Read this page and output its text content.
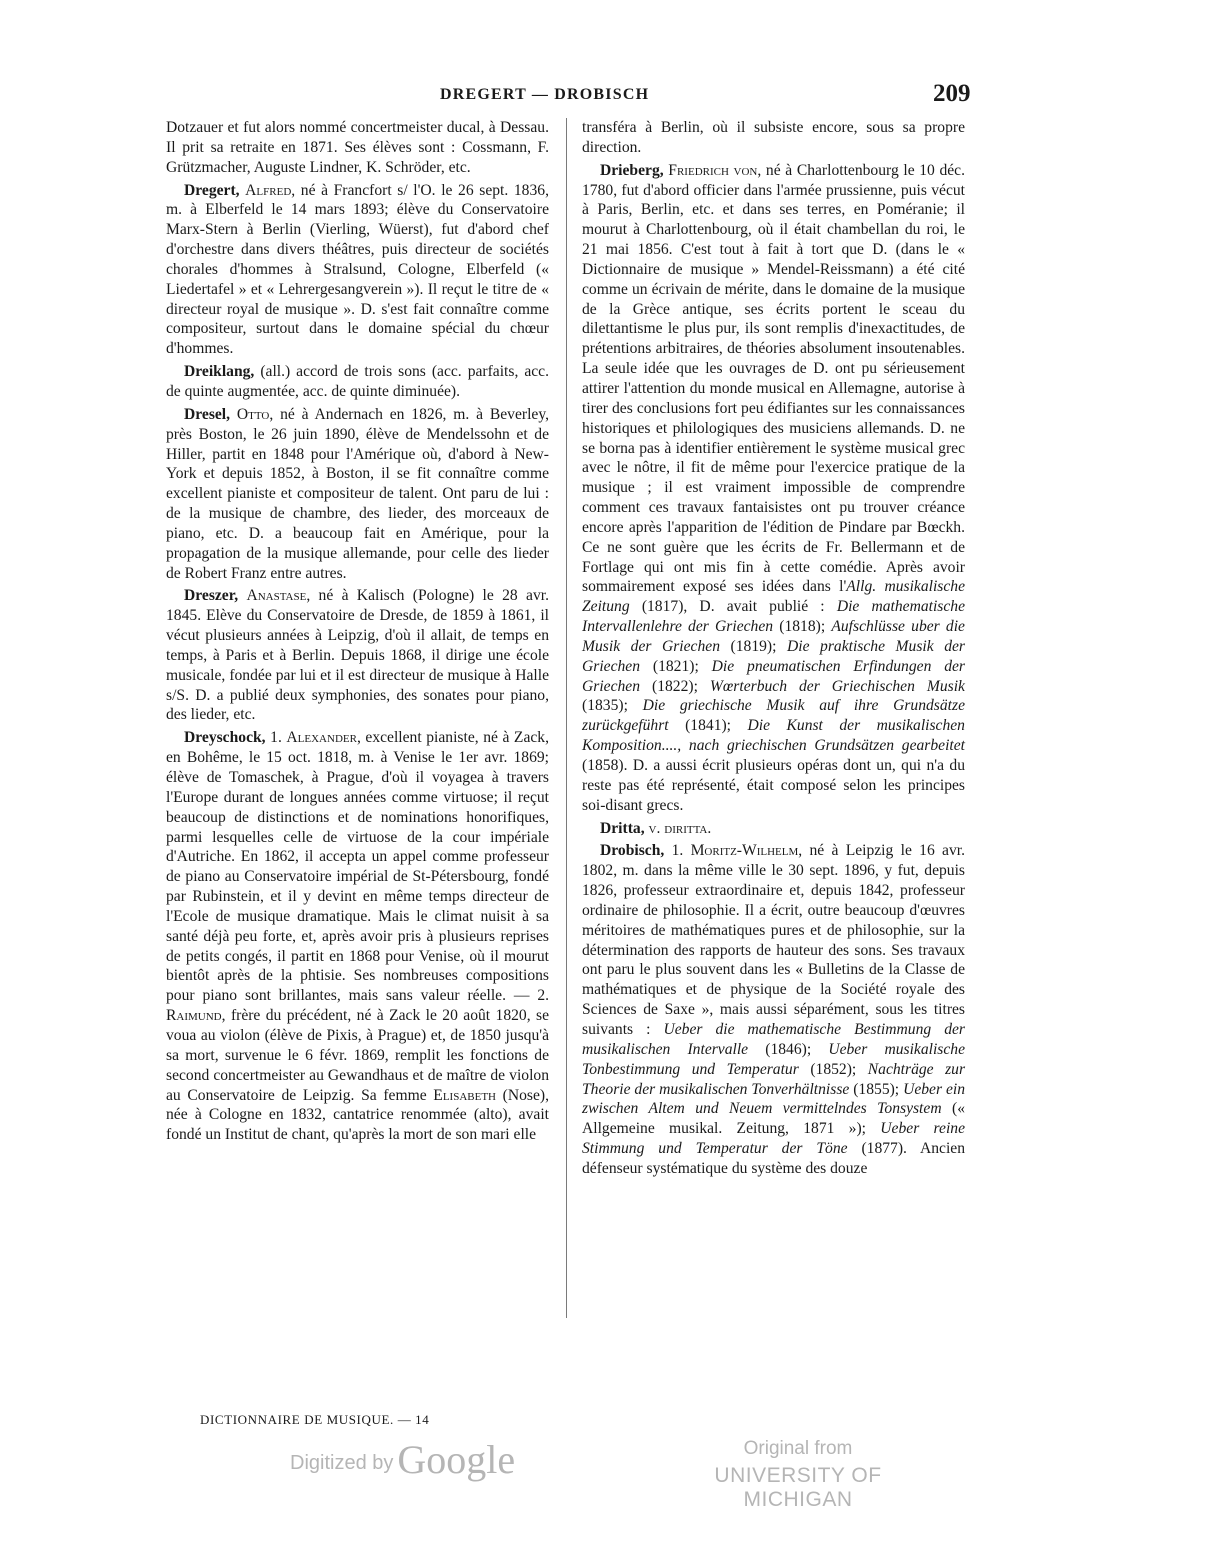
DREGERT — DROBISCH	209

Dotzauer et fut alors nommé concertmeister ducal, à Dessau. Il prit sa retraite en 1871. Ses élèves sont : Cossmann, F. Grützmacher, Auguste Lindner, K. Schröder, etc.

Dregert, Alfred, né à Francfort s/ l'O. le 26 sept. 1836, m. à Elberfeld le 14 mars 1893; élève du Conservatoire Marx-Stern à Berlin (Vierling, Wüerst), fut d'abord chef d'orchestre dans divers théâtres, puis directeur de sociétés chorales d'hommes à Stralsund, Cologne, Elberfeld (« Liedertafel » et « Lehrergesangverein »). Il reçut le titre de « directeur royal de musique ». D. s'est fait connaître comme compositeur, surtout dans le domaine spécial du chœur d'hommes.

Dreiklang, (all.) accord de trois sons (acc. parfaits, acc. de quinte augmentée, acc. de quinte diminuée).

Dresel, Otto, né à Andernach en 1826, m. à Beverley, près Boston, le 26 juin 1890, élève de Mendelssohn et de Hiller, partit en 1848 pour l'Amérique où, d'abord à New-York et depuis 1852, à Boston, il se fit connaître comme excellent pianiste et compositeur de talent. Ont paru de lui : de la musique de chambre, des lieder, des morceaux de piano, etc. D. a beaucoup fait en Amérique, pour la propagation de la musique allemande, pour celle des lieder de Robert Franz entre autres.

Dreszer, Anastase, né à Kalisch (Pologne) le 28 avr. 1845. Elève du Conservatoire de Dresde, de 1859 à 1861, il vécut plusieurs années à Leipzig, d'où il allait, de temps en temps, à Paris et à Berlin. Depuis 1868, il dirige une école musicale, fondée par lui et il est directeur de musique à Halle s/S. D. a publié deux symphonies, des sonates pour piano, des lieder, etc.

Dreyschock, 1. Alexander, excellent pianiste, né à Zack, en Bohême, le 15 oct. 1818, m. à Venise le 1er avr. 1869; élève de Tomaschek, à Prague, d'où il voyagea à travers l'Europe durant de longues années comme virtuose; il reçut beaucoup de distinctions et de nominations honorifiques, parmi lesquelles celle de virtuose de la cour impériale d'Autriche. En 1862, il accepta un appel comme professeur de piano au Conservatoire impérial de St-Pétersbourg, fondé par Rubinstein, et il y devint en même temps directeur de l'Ecole de musique dramatique. Mais le climat nuisit à sa santé déjà peu forte, et, après avoir pris à plusieurs reprises de petits congés, il partit en 1868 pour Venise, où il mourut bientôt après de la phtisie. Ses nombreuses compositions pour piano sont brillantes, mais sans valeur réelle. — 2. Raimund, frère du précédent, né à Zack le 20 août 1820, se voua au violon (élève de Pixis, à Prague) et, de 1850 jusqu'à sa mort, survenue le 6 févr. 1869, remplit les fonctions de second concertmeister au Gewandhaus et de maître de violon au Conservatoire de Leipzig. Sa femme Elisabeth (Nose), née à Cologne en 1832, cantatrice renommée (alto), avait fondé un Institut de chant, qu'après la mort de son mari elle

transféra à Berlin, où il subsiste encore, sous sa propre direction.

Drieberg, Friedrich von, né à Charlottenbourg le 10 déc. 1780, fut d'abord officier dans l'armée prussienne, puis vécut à Paris, Berlin, etc. et dans ses terres, en Poméranie; il mourut à Charlottenbourg, où il était chambellan du roi, le 21 mai 1856. C'est tout à fait à tort que D. (dans le « Dictionnaire de musique » Mendel-Reissmann) a été cité comme un écrivain de mérite, dans le domaine de la musique de la Grèce antique, ses écrits portent le sceau du dilettantisme le plus pur, ils sont remplis d'inexactitudes, de prétentions arbitraires, de théories absolument insoutenables. La seule idée que les ouvrages de D. ont pu sérieusement attirer l'attention du monde musical en Allemagne, autorise à tirer des conclusions fort peu édifiantes sur les connaissances historiques et philologiques des musiciens allemands. D. ne se borna pas à identifier entièrement le système musical grec avec le nôtre, il fit de même pour l'exercice pratique de la musique ; il est vraiment impossible de comprendre comment ces travaux fantaisistes ont pu trouver créance encore après l'apparition de l'édition de Pindare par Bœckh. Ce ne sont guère que les écrits de Fr. Bellermann et de Fortlage qui ont mis fin à cette comédie. Après avoir sommairement exposé ses idées dans l'Allg. musikalische Zeitung (1817), D. avait publié : Die mathematische Intervallenlehre der Griechen (1818); Aufschlüsse uber die Musik der Griechen (1819); Die praktische Musik der Griechen (1821); Die pneumatischen Erfindungen der Griechen (1822); Wœrterbuch der Griechischen Musik (1835); Die griechische Musik auf ihre Grundsätze zurückgeführt (1841); Die Kunst der musikalischen Komposition...., nach griechischen Grundsätzen gearbeitet (1858). D. a aussi écrit plusieurs opéras dont un, qui n'a du reste pas été représenté, était composé selon les principes soi-disant grecs.

Dritta, v. diritta.

Drobisch, 1. Moritz-Wilhelm, né à Leipzig le 16 avr. 1802, m. dans la même ville le 30 sept. 1896, y fut, depuis 1826, professeur extraordinaire et, depuis 1842, professeur ordinaire de philosophie. Il a écrit, outre beaucoup d'œuvres méritoires de mathématiques pures et de philosophie, sur la détermination des rapports de hauteur des sons. Ses travaux ont paru le plus souvent dans les « Bulletins de la Classe de mathématiques et de physique de la Société royale des Sciences de Saxe », mais aussi séparément, sous les titres suivants : Ueber die mathematische Bestimmung der musikalischen Intervalle (1846); Ueber musikalische Tonbestimmung und Temperatur (1852); Nachträge zur Theorie der musikalischen Tonverhältnisse (1855); Ueber ein zwischen Altem und Neuem vermittelndes Tonsystem (« Allgemeine musikal. Zeitung, 1871 »); Ueber reine Stimmung und Temperatur der Töne (1877). Ancien défenseur systématique du système des douze

DICTIONNAIRE DE MUSIQUE. — 14
Digitized by Google	Original from
UNIVERSITY OF MICHIGAN
